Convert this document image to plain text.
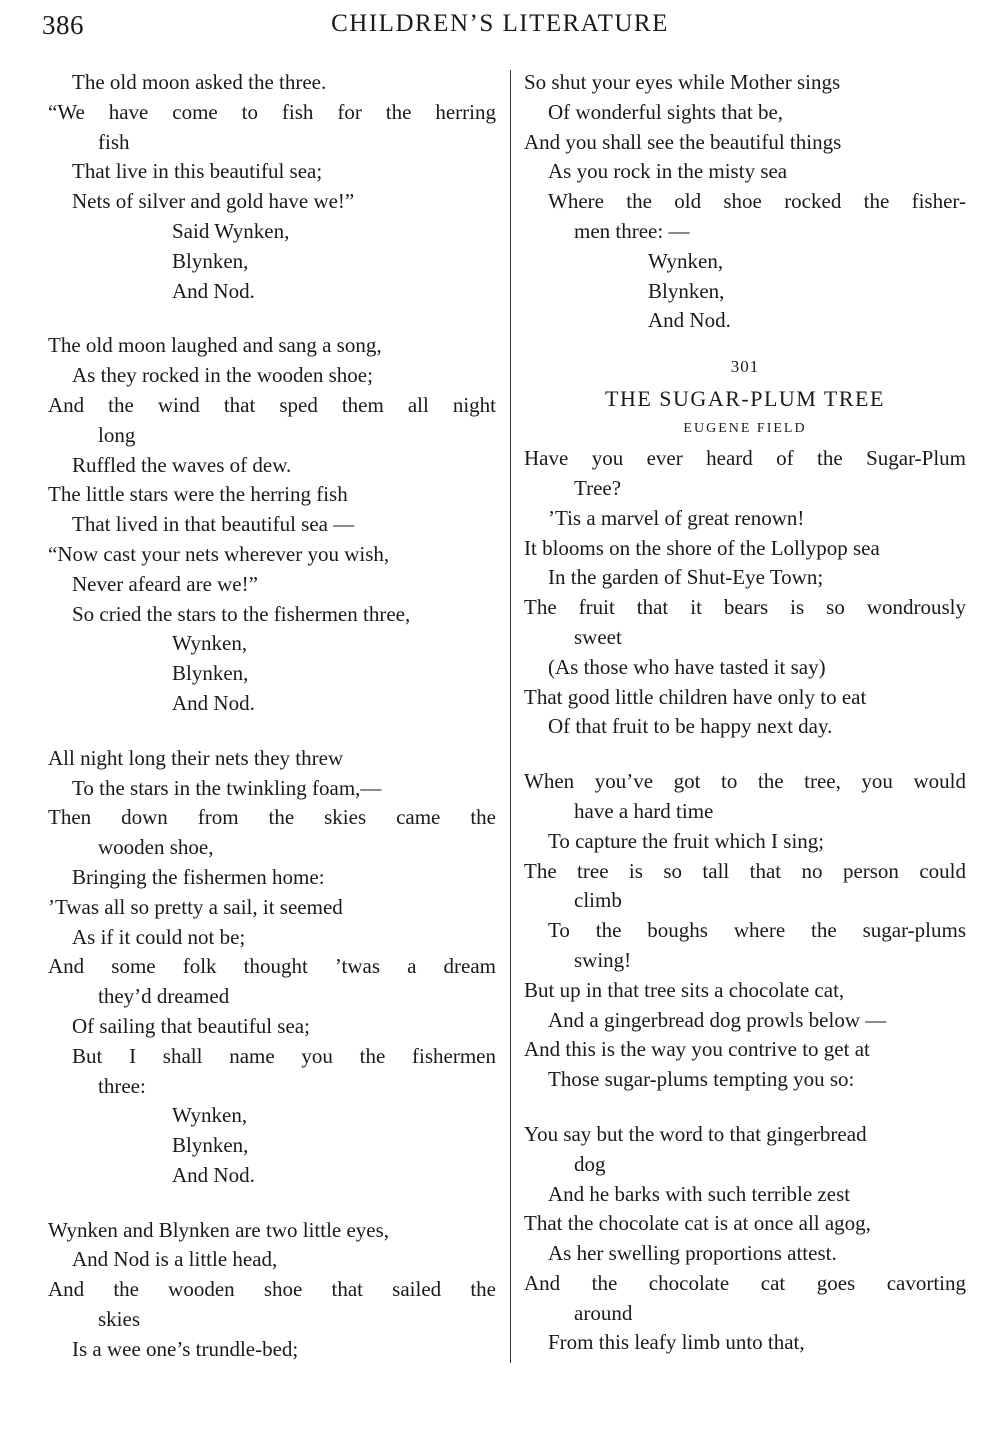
386	CHILDREN’S LITERATURE
The old moon asked the three.
“We have come to fish for the herring
fish
That live in this beautiful sea;
Nets of silver and gold have we!”
Said Wynken,
Blynken,
And Nod.
The old moon laughed and sang a song,
As they rocked in the wooden shoe;
And the wind that sped them all night
long
Ruffled the waves of dew.
The little stars were the herring fish
That lived in that beautiful sea —
“Now cast your nets wherever you wish,
Never afeard are we!”
So cried the stars to the fishermen three,
Wynken,
Blynken,
And Nod.
All night long their nets they threw
To the stars in the twinkling foam,—
Then down from the skies came the
wooden shoe,
Bringing the fishermen home:
’Twas all so pretty a sail, it seemed
As if it could not be;
And some folk thought ’twas a dream
they’d dreamed
Of sailing that beautiful sea;
But I shall name you the fishermen
three:
Wynken,
Blynken,
And Nod.
Wynken and Blynken are two little eyes,
And Nod is a little head,
And the wooden shoe that sailed the
skies
Is a wee one’s trundle-bed;
So shut your eyes while Mother sings
Of wonderful sights that be,
And you shall see the beautiful things
As you rock in the misty sea
Where the old shoe rocked the fisher-
men three: —
Wynken,
Blynken,
And Nod.
301
THE SUGAR-PLUM TREE
EUGENE FIELD
Have you ever heard of the Sugar-Plum
Tree?
’Tis a marvel of great renown!
It blooms on the shore of the Lollypop sea
In the garden of Shut-Eye Town;
The fruit that it bears is so wondrously
sweet
(As those who have tasted it say)
That good little children have only to eat
Of that fruit to be happy next day.
When you’ve got to the tree, you would
have a hard time
To capture the fruit which I sing;
The tree is so tall that no person could
climb
To the boughs where the sugar-plums
swing!
But up in that tree sits a chocolate cat,
And a gingerbread dog prowls below —
And this is the way you contrive to get at
Those sugar-plums tempting you so:
You say but the word to that gingerbread
dog
And he barks with such terrible zest
That the chocolate cat is at once all agog,
As her swelling proportions attest.
And the chocolate cat goes cavorting
around
From this leafy limb unto that,
